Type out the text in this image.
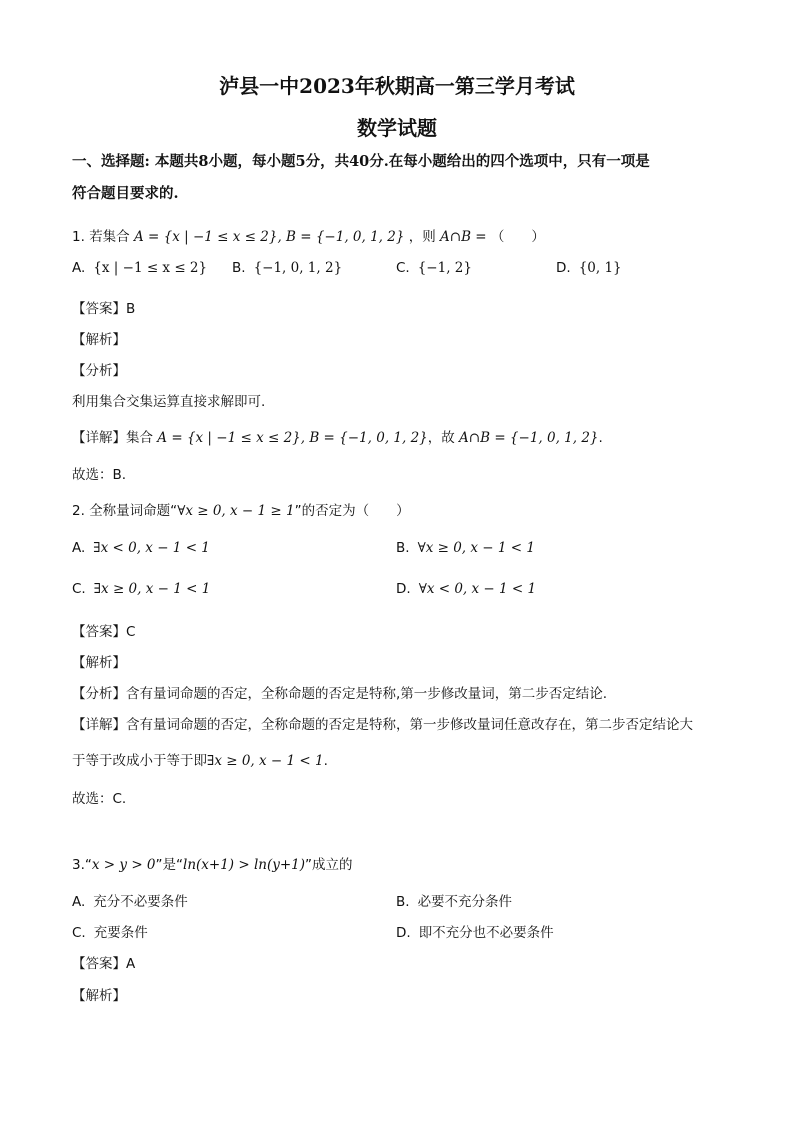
泸县一中2023年秋期高一第三学月考试
数学试题
一、选择题: 本题共8小题，每小题5分，共40分.在每小题给出的四个选项中，只有一项是
符合题目要求的.
1. 若集合 A = {x | −1 ≤ x ≤ 2}, B = {−1, 0, 1, 2} ，则 A∩B = （　　）
A. {x | −1 ≤ x ≤ 2} B. {−1, 0, 1, 2}	C. {−1, 2}	D. {0, 1}
【答案】B
【解析】
【分析】
利用集合交集运算直接求解即可.
【详解】集合 A = {x | −1 ≤ x ≤ 2}, B = {−1, 0, 1, 2}，故 A∩B = {−1, 0, 1, 2}.
故选：B.
2. 全称量词命题“∀x ≥ 0, x − 1 ≥ 1”的否定为（　　）
A. ∃x < 0, x − 1 < 1	B. ∀x ≥ 0, x − 1 < 1
C. ∃x ≥ 0, x − 1 < 1	D. ∀x < 0, x − 1 < 1
【答案】C
【解析】
【分析】含有量词命题的否定，全称命题的否定是特称,第一步修改量词，第二步否定结论.
【详解】含有量词命题的否定，全称命题的否定是特称，第一步修改量词任意改存在，第二步否定结论大
于等于改成小于等于即∃x ≥ 0, x − 1 < 1.
故选：C.
3.“x > y > 0”是“ln(x+1) > ln(y+1)”成立的
A. 充分不必要条件	B. 必要不充分条件
C. 充要条件	D. 即不充分也不必要条件
【答案】A
【解析】
